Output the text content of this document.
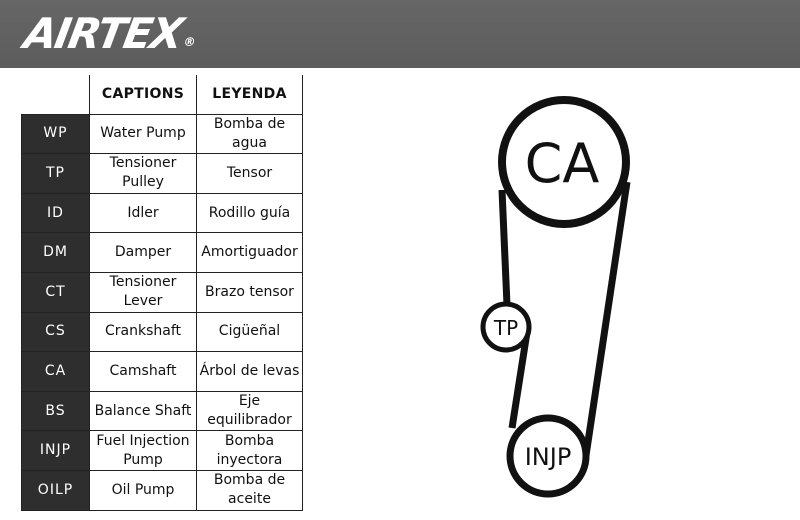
AIRTEX®
	CAPTIONS	LEYENDA
WP	Water Pump	Bomba de agua
TP	Tensioner Pulley	Tensor
ID	Idler	Rodillo guía
DM	Damper	Amortiguador
CT	Tensioner Lever	Brazo tensor
CS	Crankshaft	Cigüeñal
CA	Camshaft	Árbol de levas
BS	Balance Shaft	Eje equilibrador
INJP	Fuel Injection Pump	Bomba inyectora
OILP	Oil Pump	Bomba de aceite
CA
TP
INJP
